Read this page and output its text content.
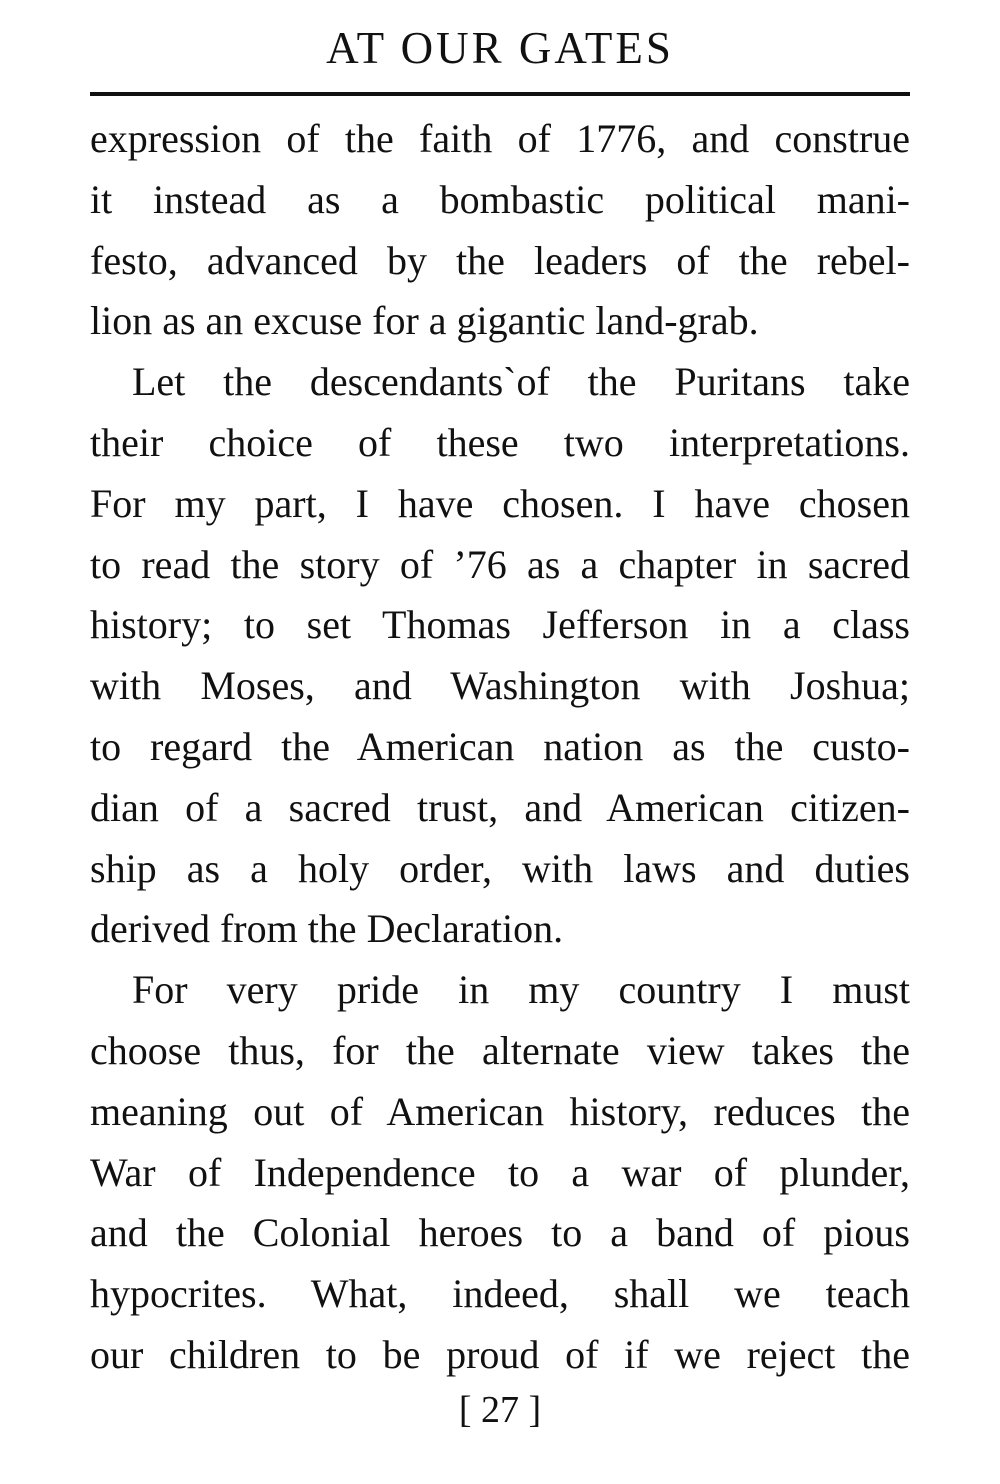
AT OUR GATES
expression of the faith of 1776, and construe
it instead as a bombastic political mani-
festo, advanced by the leaders of the rebel-
lion as an excuse for a gigantic land-grab.
Let the descendants`of the Puritans take
their choice of these two interpretations.
For my part, I have chosen. I have chosen
to read the story of ’76 as a chapter in sacred
history; to set Thomas Jefferson in a class
with Moses, and Washington with Joshua;
to regard the American nation as the custo-
dian of a sacred trust, and American citizen-
ship as a holy order, with laws and duties
derived from the Declaration.
For very pride in my country I must
choose thus, for the alternate view takes the
meaning out of American history, reduces the
War of Independence to a war of plunder,
and the Colonial heroes to a band of pious
hypocrites. What, indeed, shall we teach
our children to be proud of if we reject the
[ 27 ]
